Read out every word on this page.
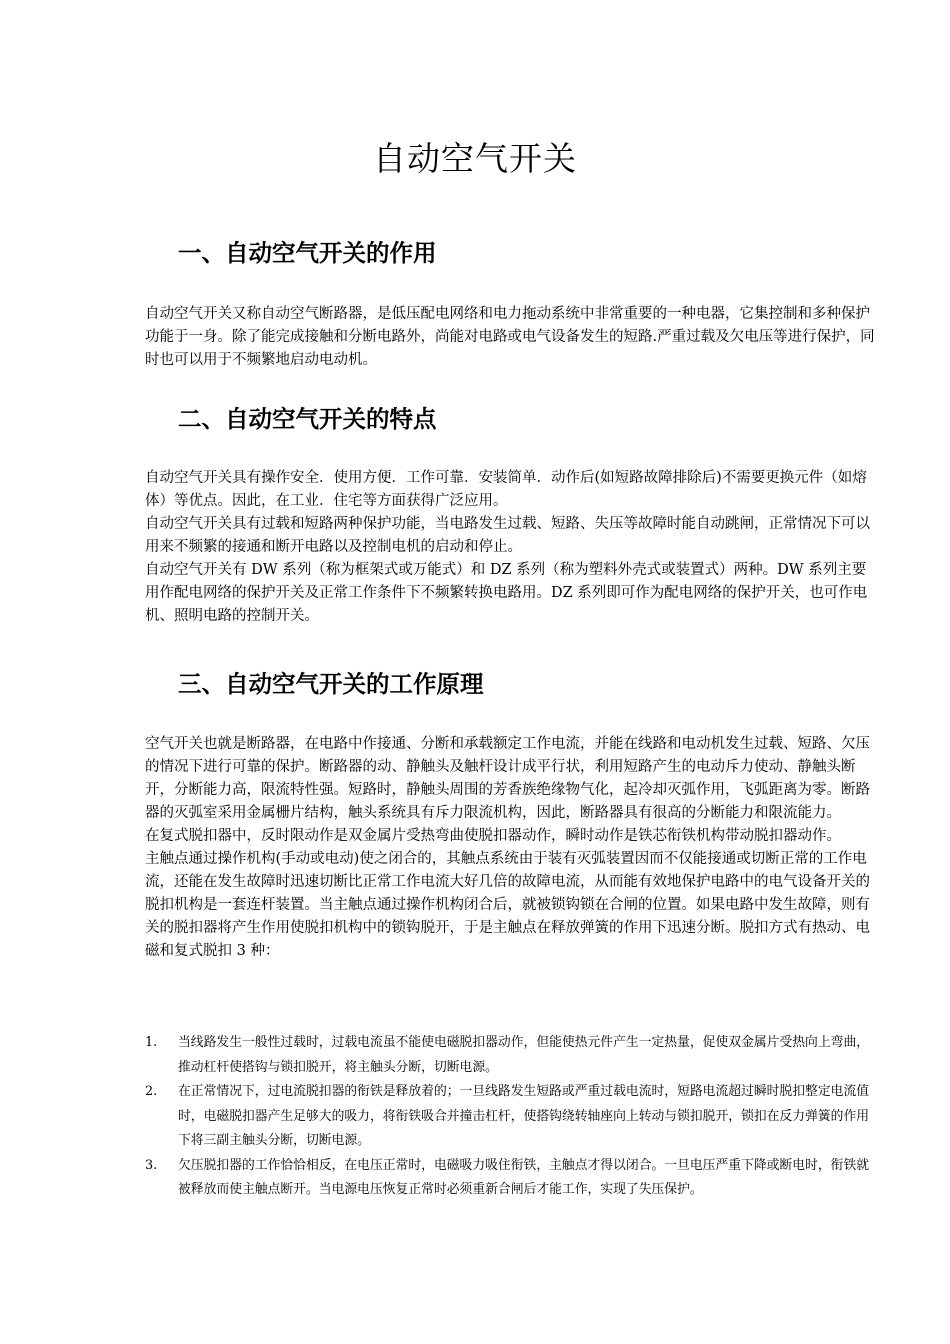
自动空气开关
一、自动空气开关的作用

自动空气开关又称自动空气断路器，是低压配电网络和电力拖动系统中非常重要的一种电器，它集控制和多种保护功能于一身。除了能完成接触和分断电路外，尚能对电路或电气设备发生的短路.严重过载及欠电压等进行保护，同时也可以用于不频繁地启动电动机。

二、自动空气开关的特点

自动空气开关具有操作安全．使用方便．工作可靠．安装简单．动作后(如短路故障排除后)不需要更换元件（如熔体）等优点。因此，在工业．住宅等方面获得广泛应用。

自动空气开关具有过载和短路两种保护功能，当电路发生过载、短路、失压等故障时能自动跳闸，正常情况下可以用来不频繁的接通和断开电路以及控制电机的启动和停止。

自动空气开关有 DW 系列（称为框架式或万能式）和 DZ 系列（称为塑料外壳式或装置式）两种。DW 系列主要用作配电网络的保护开关及正常工作条件下不频繁转换电路用。DZ 系列即可作为配电网络的保护开关，也可作电机、照明电路的控制开关。

三、自动空气开关的工作原理

空气开关也就是断路器，在电路中作接通、分断和承载额定工作电流，并能在线路和电动机发生过载、短路、欠压的情况下进行可靠的保护。断路器的动、静触头及触杆设计成平行状，利用短路产生的电动斥力使动、静触头断开，分断能力高，限流特性强。短路时，静触头周围的芳香族绝缘物气化，起冷却灭弧作用，飞弧距离为零。断路器的灭弧室采用金属栅片结构，触头系统具有斥力限流机构，因此，断路器具有很高的分断能力和限流能力。

在复式脱扣器中，反时限动作是双金属片受热弯曲使脱扣器动作，瞬时动作是铁芯衔铁机构带动脱扣器动作。

主触点通过操作机构(手动或电动)使之闭合的，其触点系统由于装有灭弧装置因而不仅能接通或切断正常的工作电流，还能在发生故障时迅速切断比正常工作电流大好几倍的故障电流，从而能有效地保护电路中的电气设备开关的脱扣机构是一套连杆装置。当主触点通过操作机构闭合后，就被锁钩锁在合闸的位置。如果电路中发生故障，则有关的脱扣器将产生作用使脱扣机构中的锁钩脱开，于是主触点在释放弹簧的作用下迅速分断。脱扣方式有热动、电磁和复式脱扣 3 种：

1. 当线路发生一般性过载时，过载电流虽不能使电磁脱扣器动作，但能使热元件产生一定热量，促使双金属片受热向上弯曲，推动杠杆使搭钩与锁扣脱开，将主触头分断，切断电源。
2. 在正常情况下，过电流脱扣器的衔铁是释放着的；一旦线路发生短路或严重过载电流时，短路电流超过瞬时脱扣整定电流值时，电磁脱扣器产生足够大的吸力，将衔铁吸合并撞击杠杆，使搭钩绕转轴座向上转动与锁扣脱开，锁扣在反力弹簧的作用下将三副主触头分断，切断电源。
3. 欠压脱扣器的工作恰恰相反，在电压正常时，电磁吸力吸住衔铁，主触点才得以闭合。一旦电压严重下降或断电时，衔铁就被释放而使主触点断开。当电源电压恢复正常时必须重新合闸后才能工作，实现了失压保护。
